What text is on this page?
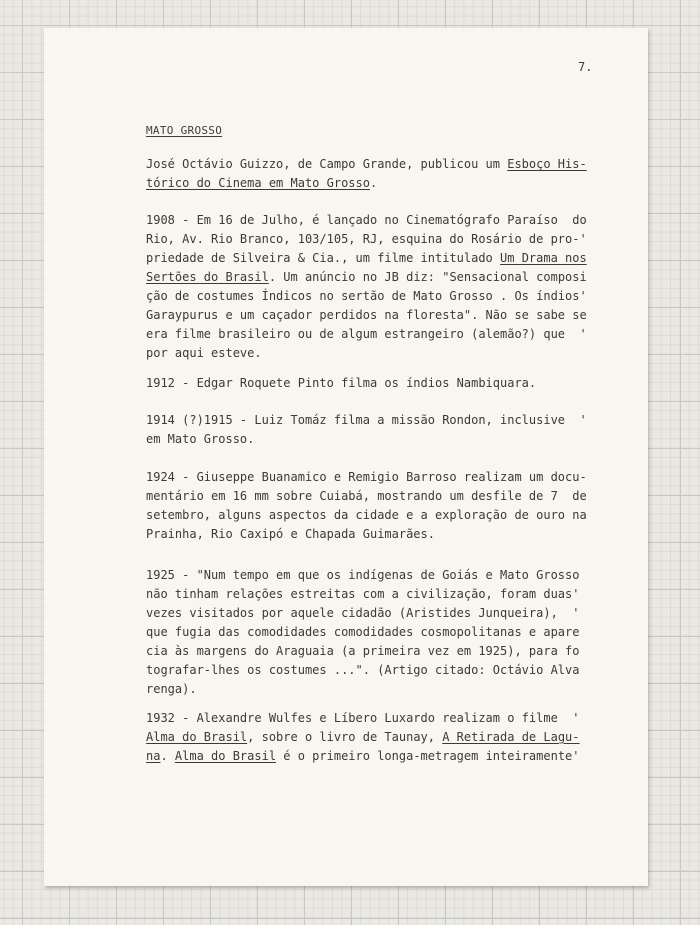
7.
MATO GROSSO
José Octávio Guizzo, de Campo Grande, publicou um Esboço His-
tórico do Cinema em Mato Grosso.
1908 - Em 16 de Julho, é lançado no Cinematógrafo Paraíso  do
Rio, Av. Rio Branco, 103/105, RJ, esquina do Rosário de pro-'
priedade de Silveira & Cia., um filme intitulado Um Drama nos
Sertões do Brasil. Um anúncio no JB diz: "Sensacional composi
ção de costumes Índicos no sertão de Mato Grosso . Os índios'
Garaypurus e um caçador perdidos na floresta". Não se sabe se
era filme brasileiro ou de algum estrangeiro (alemão?) que  '
por aqui esteve.
1912 - Edgar Roquete Pinto filma os índios Nambiquara.
1914 (?)1915 - Luiz Tomáz filma a missão Rondon, inclusive  '
em Mato Grosso.
1924 - Giuseppe Buanamico e Remigio Barroso realizam um docu-
mentário em 16 mm sobre Cuiabá, mostrando um desfile de 7  de
setembro, alguns aspectos da cidade e a exploração de ouro na
Prainha, Rio Caxipó e Chapada Guimarães.
1925 - "Num tempo em que os indígenas de Goiás e Mato Grosso
não tinham relações estreitas com a civilização, foram duas'
vezes visitados por aquele cidadão (Aristides Junqueira),  '
que fugia das comodidades comodidades cosmopolitanas e apare
cia às margens do Araguaia (a primeira vez em 1925), para fo
tografar-lhes os costumes ...". (Artigo citado: Octávio Alva
renga).
1932 - Alexandre Wulfes e Líbero Luxardo realizam o filme  '
Alma do Brasil, sobre o livro de Taunay, A Retirada de Lagu-
na. Alma do Brasil é o primeiro longa-metragem inteiramente'
